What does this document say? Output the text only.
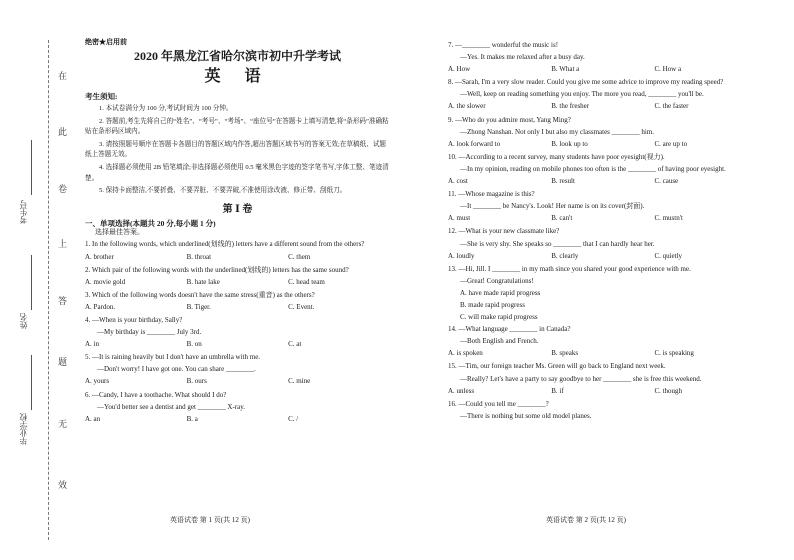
在
此
卷
上
答
题
无
效
考生号
姓名
毕业学校
绝密★启用前
2020 年黑龙江省哈尔滨市初中升学考试
英 语
考生须知:
1. 本试卷满分为 100 分,考试时间为 100 分钟。
2. 答题前,考生先将自己的“姓名”、“考号”、“考场”、“座位号”在答题卡上填写清楚,将“条形码”准确粘贴在条形码区域内。
3. 请按照题号顺序在答题卡各题目的答题区域内作答,超出答题区域书写的答案无效;在草稿纸、试题纸上答题无效。
4. 选择题必须使用 2B 铅笔填涂;非选择题必须使用 0.5 毫米黑色字迹的签字笔书写,字体工整、笔迹清楚。
5. 保持卡面整洁,不要折叠、不要弄脏、不要弄破,不准使用涂改液、修正带、刮纸刀。
第 Ⅰ 卷
一、单项选择(本题共 20 分,每小题 1 分)
选择最佳答案。
1. In the following words, which underlined(划线的) letters have a different sound from the others?
A. brother	B. throat	C. them
2. Which pair of the following words with the underlined(划线的) letters has the same sound?
A. movie gold	B. hate lake	C. head team
3. Which of the following words doesn't have the same stress(重音) as the others?
A. Pardon.	B. Tiger.	C. Event.
4. —When is your birthday, Sally?
—My birthday is ________ July 3rd.
A. in	B. on	C. at
5. —It is raining heavily but I don't have an umbrella with me.
—Don't worry! I have got one. You can share ________.
A. yours	B. ours	C. mine
6. —Candy, I have a toothache. What should I do?
—You'd better see a dentist and get ________ X-ray.
A. an	B. a	C. /
英语试卷 第 1 页(共 12 页)
7. —________ wonderful the music is!
—Yes. It makes me relaxed after a busy day.
A. How	B. What a	C. How a
8. —Sarah, I'm a very slow reader. Could you give me some advice to improve my reading speed?
—Well, keep on reading something you enjoy. The more you read, ________ you'll be.
A. the slower	B. the fresher	C. the faster
9. —Who do you admire most, Yang Ming?
—Zhong Nanshan. Not only I but also my classmates ________ him.
A. look forward to	B. look up to	C. are up to
10. —According to a recent survey, many students have poor eyesight(视力).
—In my opinion, reading on mobile phones too often is the ________ of having poor eyesight.
A. cost	B. result	C. cause
11. —Whose magazine is this?
—It ________ be Nancy's. Look! Her name is on its cover(封面).
A. must	B. can't	C. mustn't
12. —What is your new classmate like?
—She is very shy. She speaks so ________ that I can hardly hear her.
A. loudly	B. clearly	C. quietly
13. —Hi, Jill. I ________ in my math since you shared your good experience with me.
—Great! Congratulations!
A. have made rapid progress
B. made rapid progress
C. will make rapid progress
14. —What language ________ in Canada?
—Both English and French.
A. is spoken	B. speaks	C. is speaking
15. —Tim, our foreign teacher Ms. Green will go back to England next week.
—Really? Let's have a party to say goodbye to her ________ she is free this weekend.
A. unless	B. if	C. though
16. —Could you tell me ________?
—There is nothing but some old model planes.
英语试卷 第 2 页(共 12 页)
